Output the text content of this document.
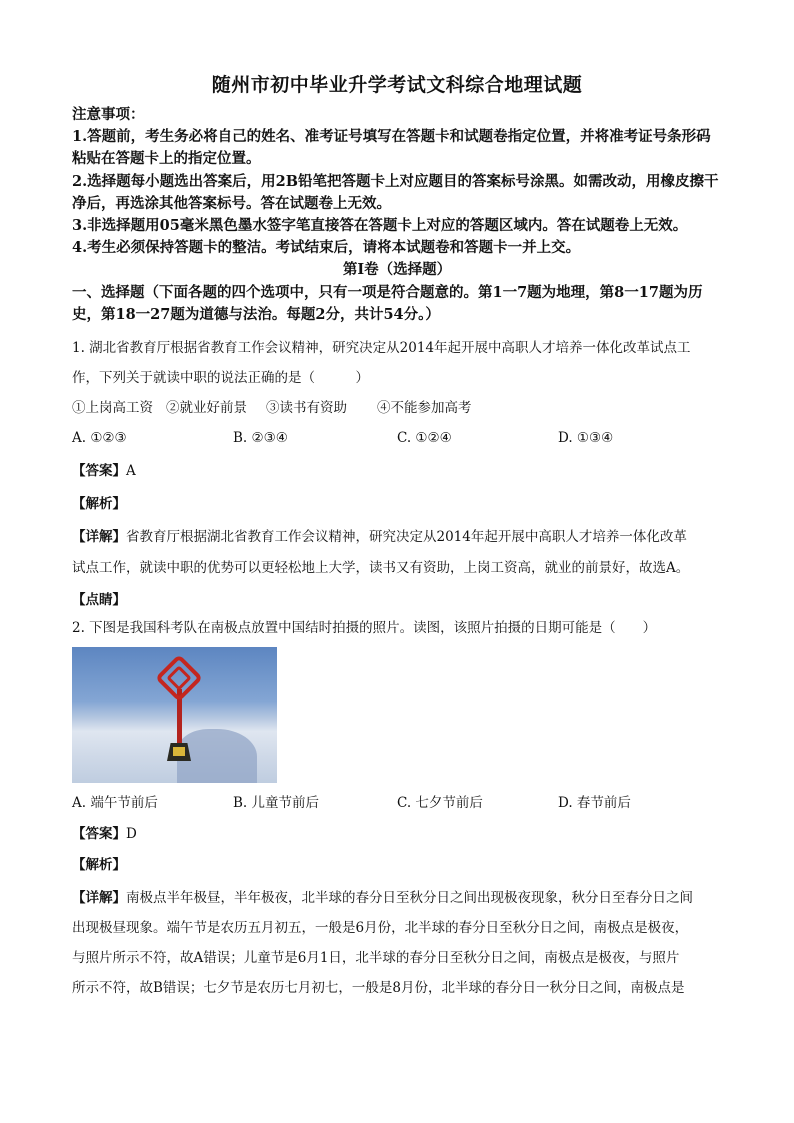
随州市初中毕业升学考试文科综合地理试题

注意事项：

1.答题前，考生务必将自己的姓名、准考证号填写在答题卡和试题卷指定位置，并将准考证号条形码粘贴在答题卡上的指定位置。

2.选择题每小题选出答案后，用2B铅笔把答题卡上对应题目的答案标号涂黑。如需改动，用橡皮擦干净后，再选涂其他答案标号。答在试题卷上无效。

3.非选择题用05毫米黑色墨水签字笔直接答在答题卡上对应的答题区域内。答在试题卷上无效。

4.考生必须保持答题卡的整洁。考试结束后，请将本试题卷和答题卡一并上交。

第Ⅰ卷（选择题）

一、选择题（下面各题的四个选项中，只有一项是符合题意的。第1一7题为地理，第8一17题为历史，第18一27题为道德与法治。每题2分，共计54分。）

1. 湖北省教育厅根据省教育工作会议精神，研究决定从2014年起开展中高职人才培养一体化改革试点工
作，下列关于就读中职的说法正确的是（　　　）
①上岗高工资 ②就业好前景	③读书有资助	④不能参加高考
A. ①②③	B. ②③④	C. ①②④	D. ①③④
【答案】A
【解析】
【详解】省教育厅根据湖北省教育工作会议精神，研究决定从2014年起开展中高职人才培养一体化改革
试点工作，就读中职的优势可以更轻松地上大学，读书又有资助，上岗工资高，就业的前景好，故选A。
【点睛】
2. 下图是我国科考队在南极点放置中国结时拍摄的照片。读图，该照片拍摄的日期可能是（　　）
A. 端午节前后	B. 儿童节前后	C. 七夕节前后	D. 春节前后
【答案】D
【解析】
【详解】南极点半年极昼，半年极夜，北半球的春分日至秋分日之间出现极夜现象，秋分日至春分日之间
出现极昼现象。端午节是农历五月初五，一般是6月份，北半球的春分日至秋分日之间，南极点是极夜，
与照片所示不符，故A错误；儿童节是6月1日，北半球的春分日至秋分日之间，南极点是极夜，与照片
所示不符，故B错误；七夕节是农历七月初七，一般是8月份，北半球的春分日一秋分日之间，南极点是
